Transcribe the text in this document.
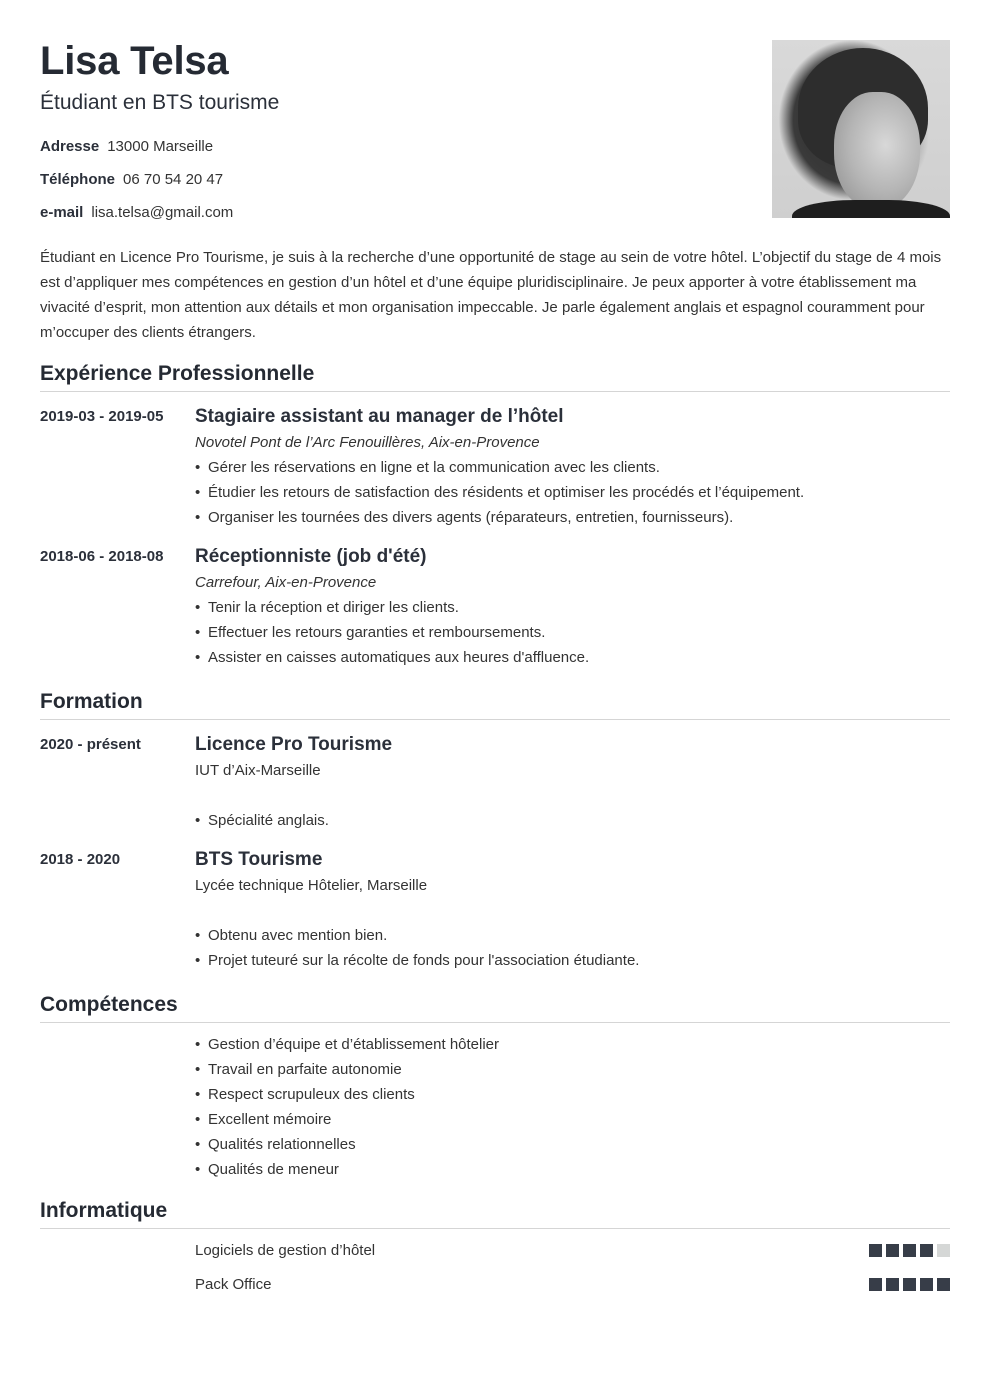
Lisa Telsa
Étudiant en BTS tourisme
Adresse 13000 Marseille
Téléphone 06 70 54 20 47
e-mail lisa.telsa@gmail.com
Étudiant en Licence Pro Tourisme, je suis à la recherche d’une opportunité de stage au sein de votre hôtel. L’objectif du stage de 4 mois est d’appliquer mes compétences en gestion d’un hôtel et d’une équipe pluridisciplinaire. Je peux apporter à votre établissement ma vivacité d’esprit, mon attention aux détails et mon organisation impeccable. Je parle également anglais et espagnol couramment pour m’occuper des clients étrangers.
Expérience Professionnelle
2019-03 - 2019-05 Stagiaire assistant au manager de l’hôtel
Novotel Pont de l’Arc Fenouillères, Aix-en-Provence
• Gérer les réservations en ligne et la communication avec les clients.
• Étudier les retours de satisfaction des résidents et optimiser les procédés et l’équipement.
• Organiser les tournées des divers agents (réparateurs, entretien, fournisseurs).
2018-06 - 2018-08 Réceptionniste (job d'été)
Carrefour, Aix-en-Provence
• Tenir la réception et diriger les clients.
• Effectuer les retours garanties et remboursements.
• Assister en caisses automatiques aux heures d'affluence.
Formation
2020 - présent	Licence Pro Tourisme
IUT d’Aix-Marseille
• Spécialité anglais.
2018 - 2020	BTS Tourisme
Lycée technique Hôtelier, Marseille
• Obtenu avec mention bien.
• Projet tuteuré sur la récolte de fonds pour l'association étudiante.
Compétences
• Gestion d’équipe et d’établissement hôtelier
• Travail en parfaite autonomie
• Respect scrupuleux des clients
• Excellent mémoire
• Qualités relationnelles
• Qualités de meneur
Informatique
Logiciels de gestion d’hôtel
Pack Office
